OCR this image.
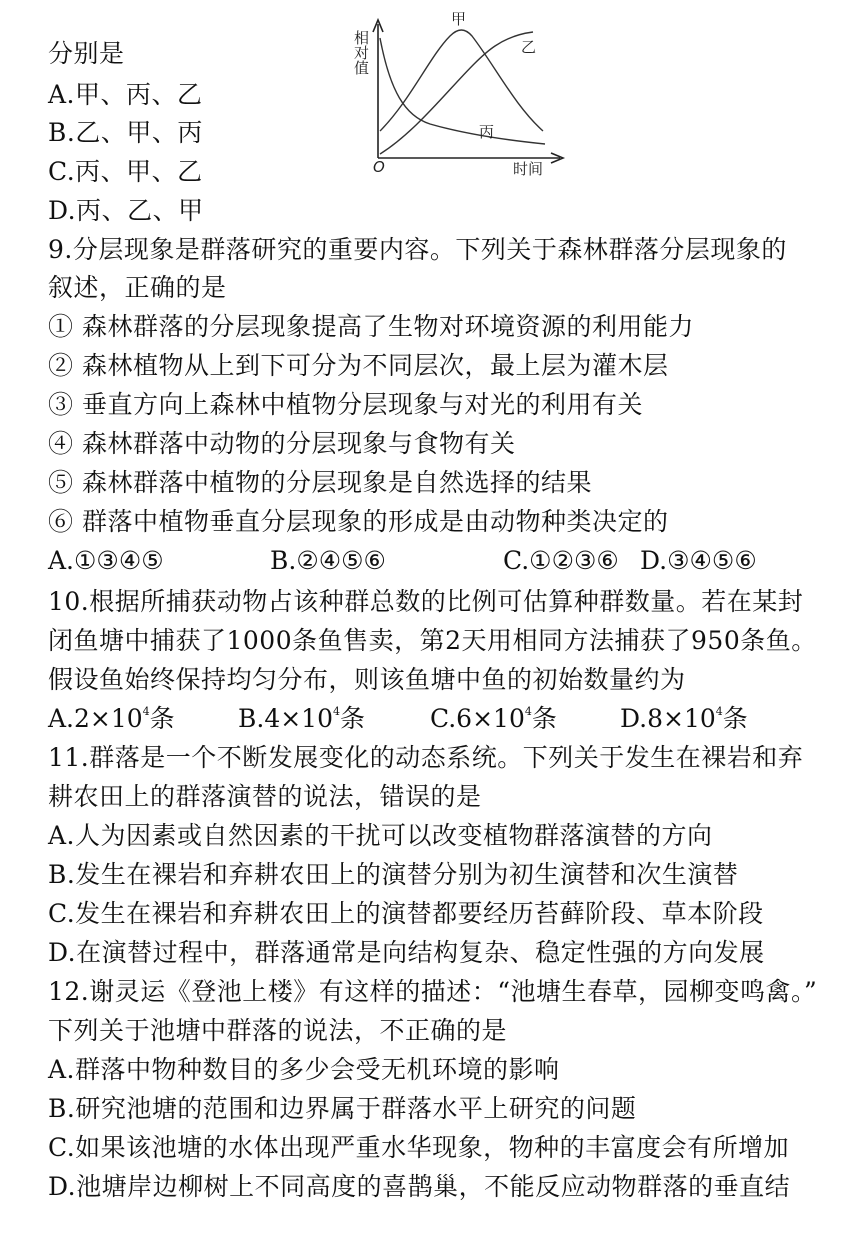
分别是
A.甲、丙、乙
B.乙、甲、丙
C.丙、甲、乙
D.丙、乙、甲
相对值
时间
O
甲
乙
丙
9.分层现象是群落研究的重要内容。下列关于森林群落分层现象的
叙述，正确的是
① 森林群落的分层现象提高了生物对环境资源的利用能力
② 森林植物从上到下可分为不同层次，最上层为灌木层
③ 垂直方向上森林中植物分层现象与对光的利用有关
④ 森林群落中动物的分层现象与食物有关
⑤ 森林群落中植物的分层现象是自然选择的结果
⑥ 群落中植物垂直分层现象的形成是由动物种类决定的
A.①③④⑤	B.②④⑤⑥	C.①②③⑥ D.③④⑤⑥
10.根据所捕获动物占该种群总数的比例可估算种群数量。若在某封
闭鱼塘中捕获了1000条鱼售卖，第2天用相同方法捕获了950条鱼。
假设鱼始终保持均匀分布，则该鱼塘中鱼的初始数量约为
$A.2\times 10^4$条	$B.4\times 10^4$条	$C.6\times 10^4$条	$D.8\times 10^4$条
11.群落是一个不断发展变化的动态系统。下列关于发生在裸岩和弃
耕农田上的群落演替的说法，错误的是
A.人为因素或自然因素的干扰可以改变植物群落演替的方向
B.发生在裸岩和弃耕农田上的演替分别为初生演替和次生演替
C.发生在裸岩和弃耕农田上的演替都要经历苔藓阶段、草本阶段
D.在演替过程中，群落通常是向结构复杂、稳定性强的方向发展
12.谢灵运《登池上楼》有这样的描述：“池塘生春草，园柳变鸣禽。”
下列关于池塘中群落的说法，不正确的是
A.群落中物种数目的多少会受无机环境的影响
B.研究池塘的范围和边界属于群落水平上研究的问题
C.如果该池塘的水体出现严重水华现象，物种的丰富度会有所增加
D.池塘岸边柳树上不同高度的喜鹊巢，不能反应动物群落的垂直结
